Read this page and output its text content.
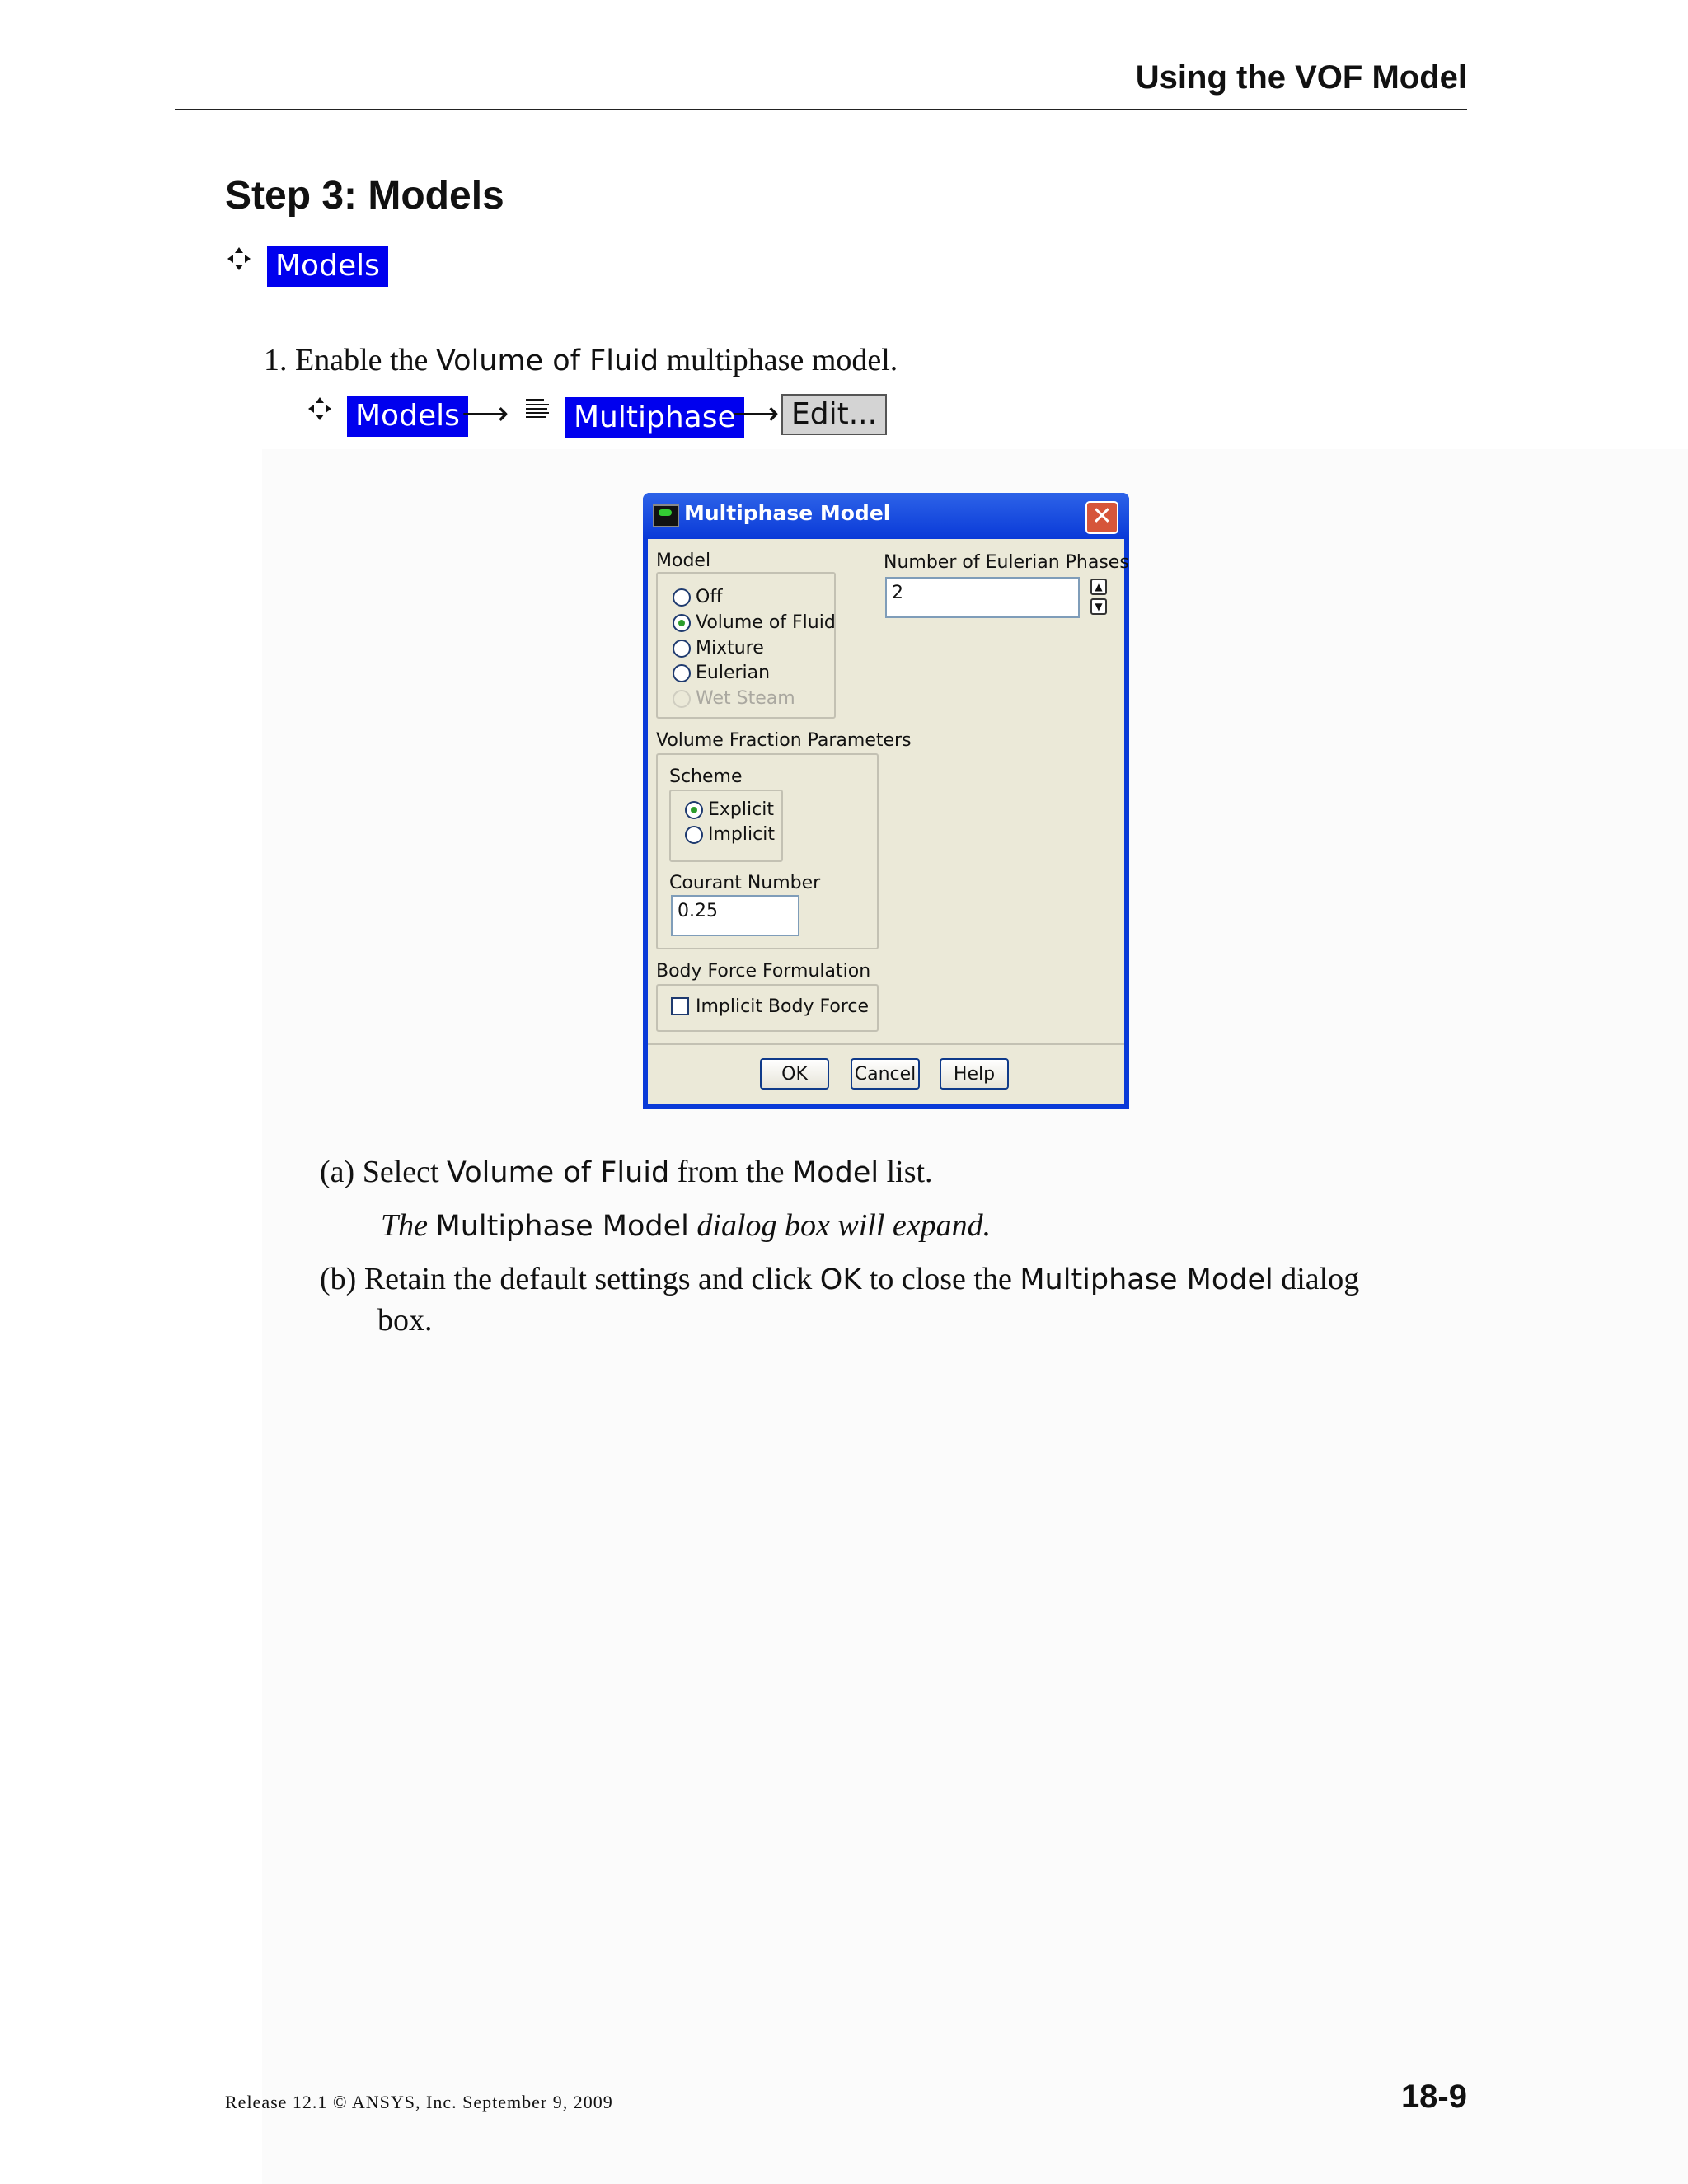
Using the VOF Model
Step 3: Models
Models
1. Enable the Volume of Fluid multiphase model.
Models ⟶ Multiphase
⟶ Edit...
Multiphase Model	✕
Model
Off
Volume of Fluid
Mixture
Eulerian
Wet Steam
Number of Eulerian Phases
2	▲
▼
Volume Fraction Parameters
Scheme
Explicit
Implicit
Courant Number
0.25
Body Force Formulation
Implicit Body Force
OK	Cancel	Help
(a) Select Volume of Fluid from the Model list.
The Multiphase Model dialog box will expand.
(b) Retain the default settings and click OK to close the Multiphase Model dialog
box.
Release 12.1 © ANSYS, Inc. September 9, 2009	18-9
